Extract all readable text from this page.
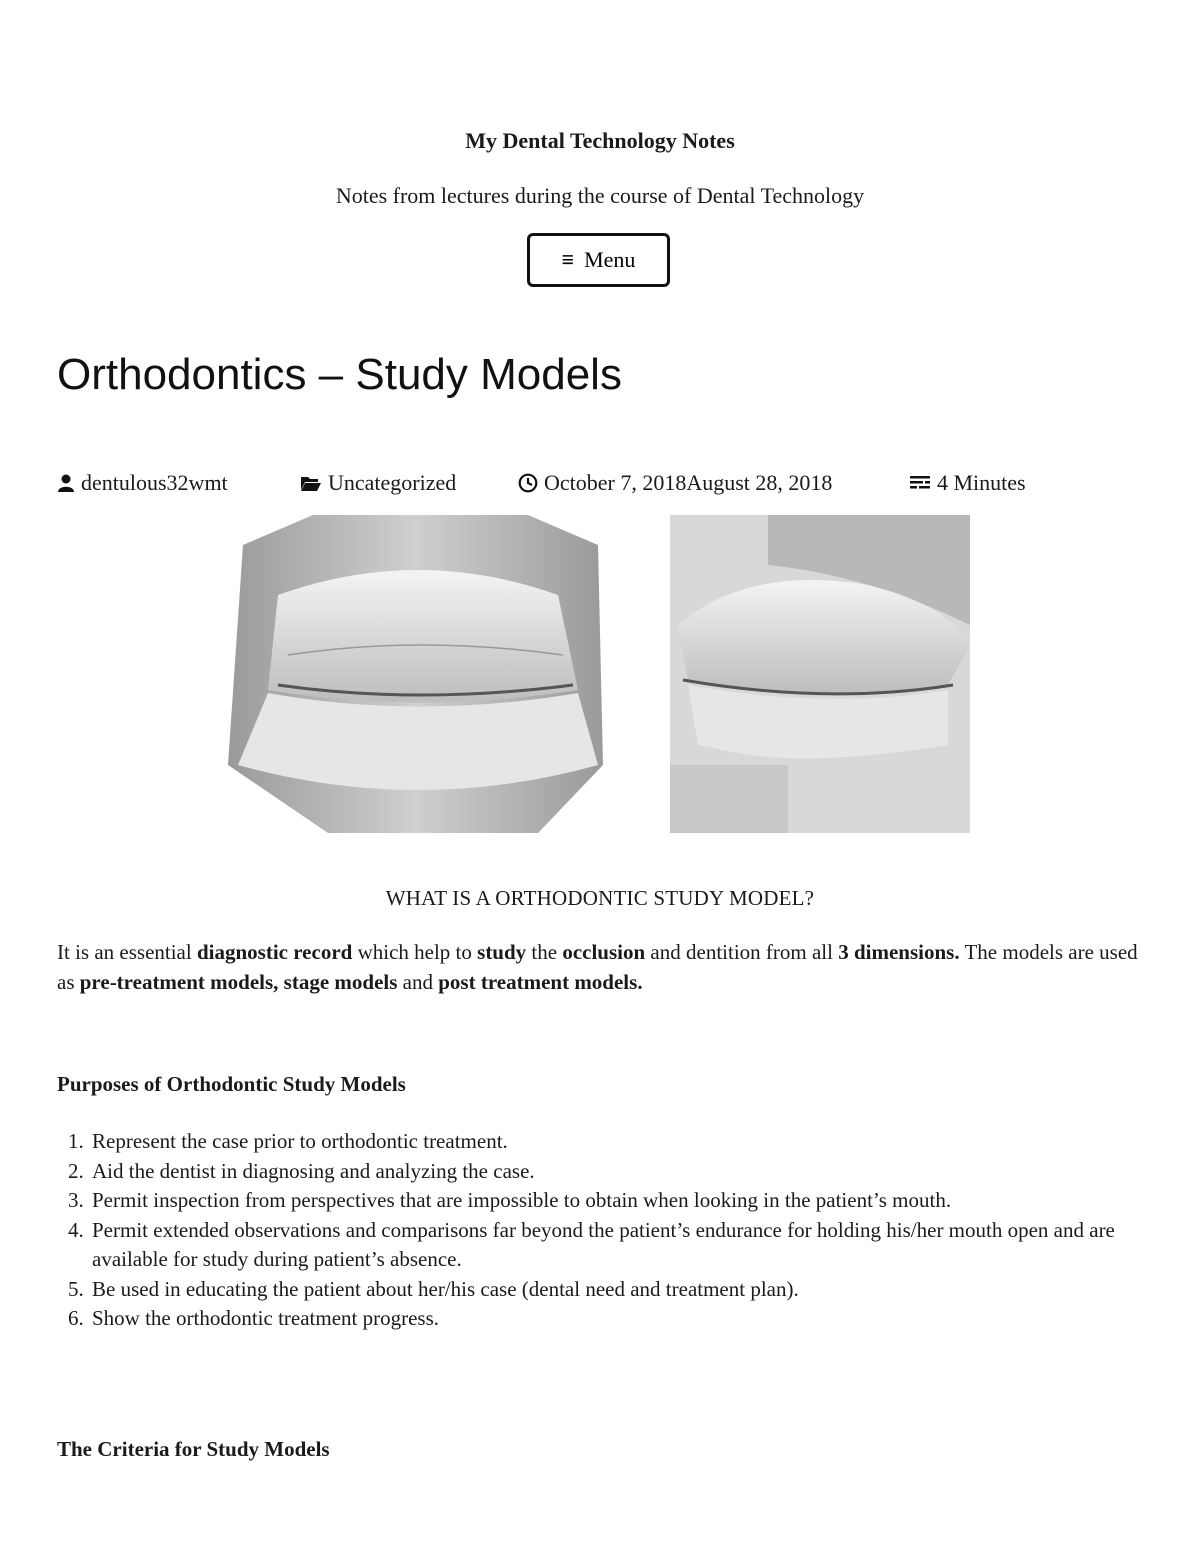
My Dental Technology Notes
Notes from lectures during the course of Dental Technology
≡ Menu
Orthodontics – Study Models
dentulous32wmt	Uncategorized	October 7, 2018August 28, 2018	4 Minutes
WHAT IS A ORTHODONTIC STUDY MODEL?

It is an essential diagnostic record which help to study the occlusion and dentition from all 3 dimensions. The models are used as pre-treatment models, stage models and post treatment models.

Purposes of Orthodontic Study Models
1. Represent the case prior to orthodontic treatment.
2. Aid the dentist in diagnosing and analyzing the case.
3. Permit inspection from perspectives that are impossible to obtain when looking in the patient’s mouth.
4. Permit extended observations and comparisons far beyond the patient’s endurance for holding his/her mouth open and are available for study during patient’s absence.
5. Be used in educating the patient about her/his case (dental need and treatment plan).
6. Show the orthodontic treatment progress.
The Criteria for Study Models
